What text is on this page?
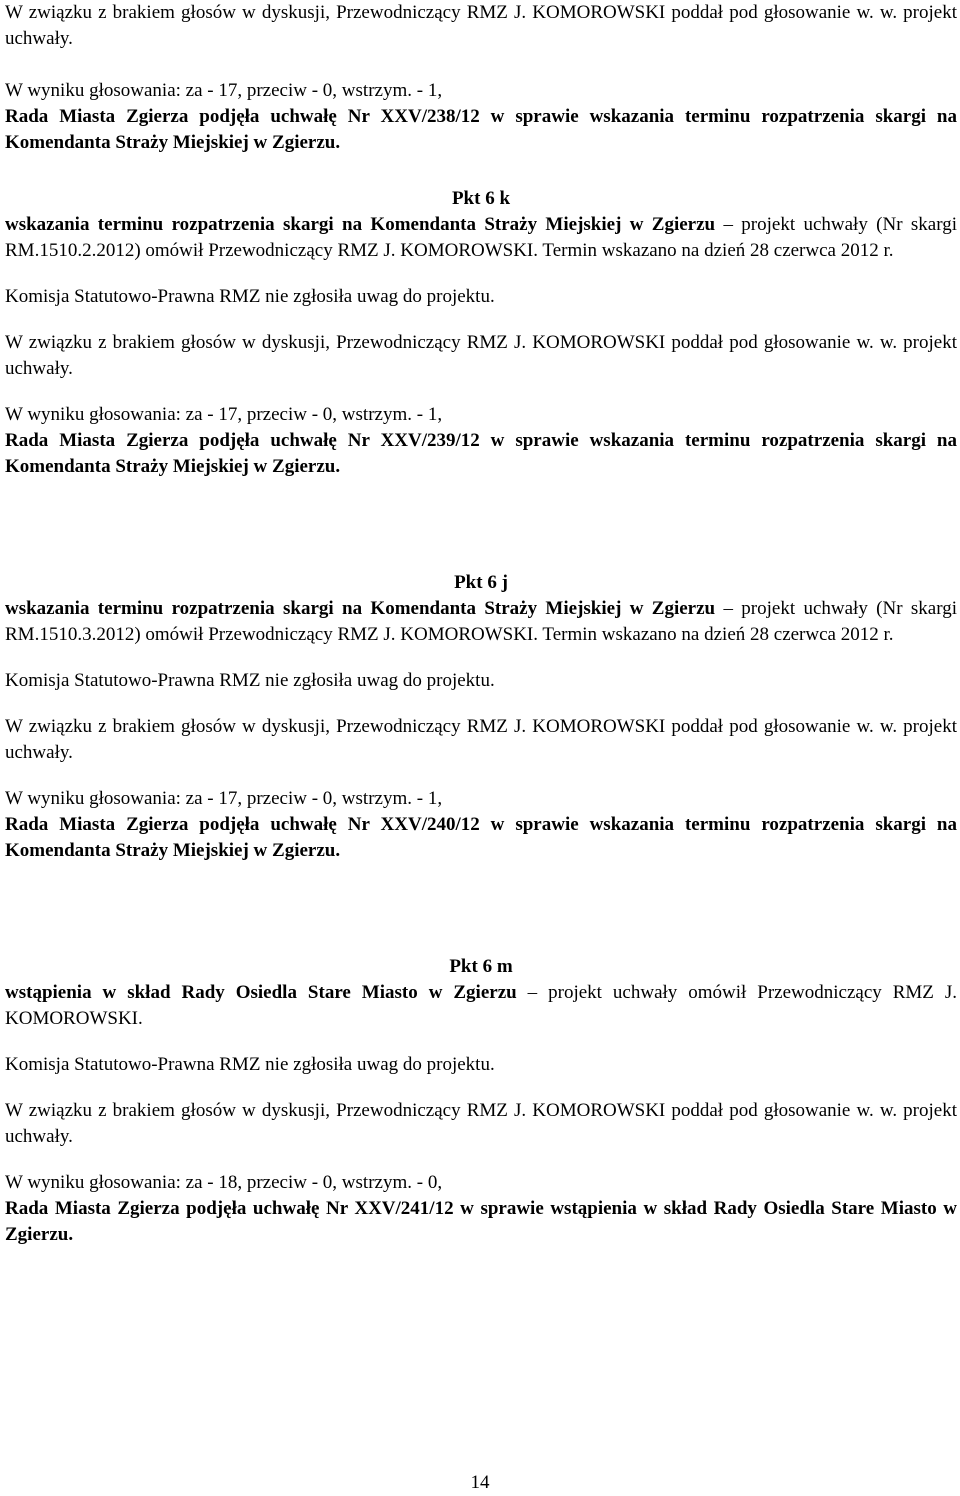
W związku z brakiem głosów w dyskusji, Przewodniczący RMZ J. KOMOROWSKI poddał pod głosowanie w. w. projekt uchwały.

W wyniku głosowania: za - 17, przeciw - 0, wstrzym. - 1,

Rada Miasta Zgierza podjęła uchwałę Nr XXV/238/12 w sprawie wskazania terminu rozpatrzenia skargi na Komendanta Straży Miejskiej w Zgierzu.

Pkt 6 k

wskazania terminu rozpatrzenia skargi na Komendanta Straży Miejskiej w Zgierzu – projekt uchwały (Nr skargi RM.1510.2.2012) omówił Przewodniczący RMZ J. KOMOROWSKI. Termin wskazano na dzień 28 czerwca 2012 r.

Komisja Statutowo-Prawna RMZ nie zgłosiła uwag do projektu.

W związku z brakiem głosów w dyskusji, Przewodniczący RMZ J. KOMOROWSKI poddał pod głosowanie w. w. projekt uchwały.

W wyniku głosowania: za - 17, przeciw - 0, wstrzym. - 1,

Rada Miasta Zgierza podjęła uchwałę Nr XXV/239/12 w sprawie wskazania terminu rozpatrzenia skargi na Komendanta Straży Miejskiej w Zgierzu.

Pkt 6 j

wskazania terminu rozpatrzenia skargi na Komendanta Straży Miejskiej w Zgierzu – projekt uchwały (Nr skargi RM.1510.3.2012) omówił Przewodniczący RMZ J. KOMOROWSKI. Termin wskazano na dzień 28 czerwca 2012 r.

Komisja Statutowo-Prawna RMZ nie zgłosiła uwag do projektu.

W związku z brakiem głosów w dyskusji, Przewodniczący RMZ J. KOMOROWSKI poddał pod głosowanie w. w. projekt uchwały.

W wyniku głosowania: za - 17, przeciw - 0, wstrzym. - 1,

Rada Miasta Zgierza podjęła uchwałę Nr XXV/240/12 w sprawie wskazania terminu rozpatrzenia skargi na Komendanta Straży Miejskiej w Zgierzu.

Pkt 6 m

wstąpienia w skład Rady Osiedla Stare Miasto w Zgierzu – projekt uchwały omówił Przewodniczący RMZ J. KOMOROWSKI.

Komisja Statutowo-Prawna RMZ nie zgłosiła uwag do projektu.

W związku z brakiem głosów w dyskusji, Przewodniczący RMZ J. KOMOROWSKI poddał pod głosowanie w. w. projekt uchwały.

W wyniku głosowania: za - 18, przeciw - 0, wstrzym. - 0,

Rada Miasta Zgierza podjęła uchwałę Nr XXV/241/12 w sprawie wstąpienia w skład Rady Osiedla Stare Miasto w Zgierzu.

14
